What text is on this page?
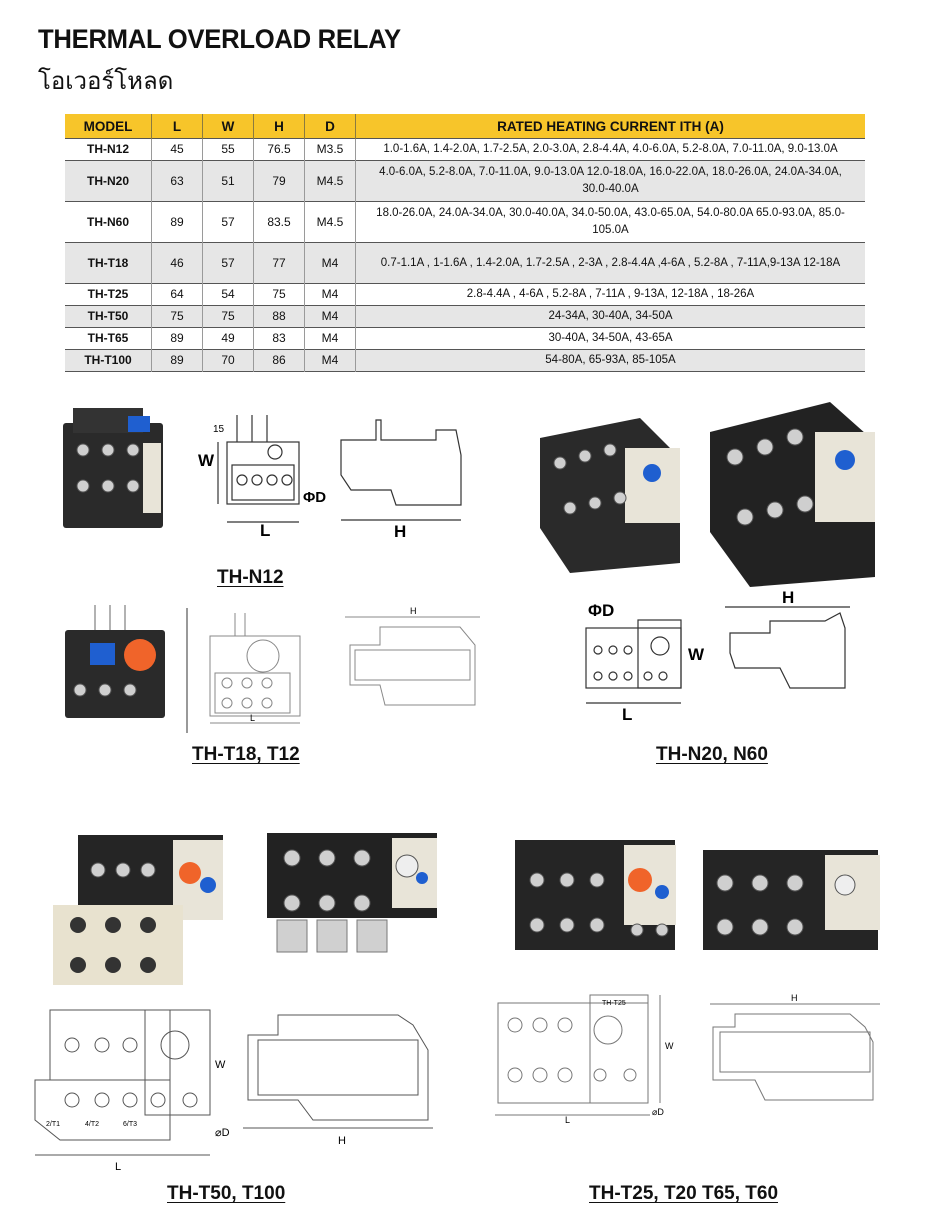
THERMAL OVERLOAD RELAY
โอเวอร์โหลด
MODEL	L	W	H	D	RATED HEATING CURRENT ITH (A)
TH-N12	45	55	76.5	M3.5	1.0-1.6A, 1.4-2.0A, 1.7-2.5A, 2.0-3.0A, 2.8-4.4A, 4.0-6.0A, 5.2-8.0A, 7.0-11.0A, 9.0-13.0A
TH-N20	63	51	79	M4.5	4.0-6.0A, 5.2-8.0A, 7.0-11.0A, 9.0-13.0A 12.0-18.0A, 16.0-22.0A, 18.0-26.0A, 24.0A-34.0A, 30.0-40.0A
TH-N60	89	57	83.5	M4.5	18.0-26.0A, 24.0A-34.0A, 30.0-40.0A, 34.0-50.0A, 43.0-65.0A, 54.0-80.0A 65.0-93.0A, 85.0-105.0A
TH-T18	46	57	77	M4	0.7-1.1A , 1-1.6A , 1.4-2.0A, 1.7-2.5A , 2-3A , 2.8-4.4A ,4-6A , 5.2-8A , 7-11A,9-13A 12-18A
TH-T25	64	54	75	M4	2.8-4.4A , 4-6A , 5.2-8A , 7-11A , 9-13A, 12-18A , 18-26A
TH-T50	75	75	88	M4	24-34A, 30-40A, 34-50A
TH-T65	89	49	83	M4	30-40A, 34-50A, 43-65A
TH-T100	89	70	86	M4	54-80A, 65-93A, 85-105A
W
L
ΦD
15
H
TH-N12
L
H
TH-T18, T12
ΦD
W
L
H
TH-N20, N60
W
L
⌀D
2/T1	4/T2	6/T3
H
TH-T50, T100
TH-T25
W
L
⌀D
H
TH-T25, T20 T65, T60
